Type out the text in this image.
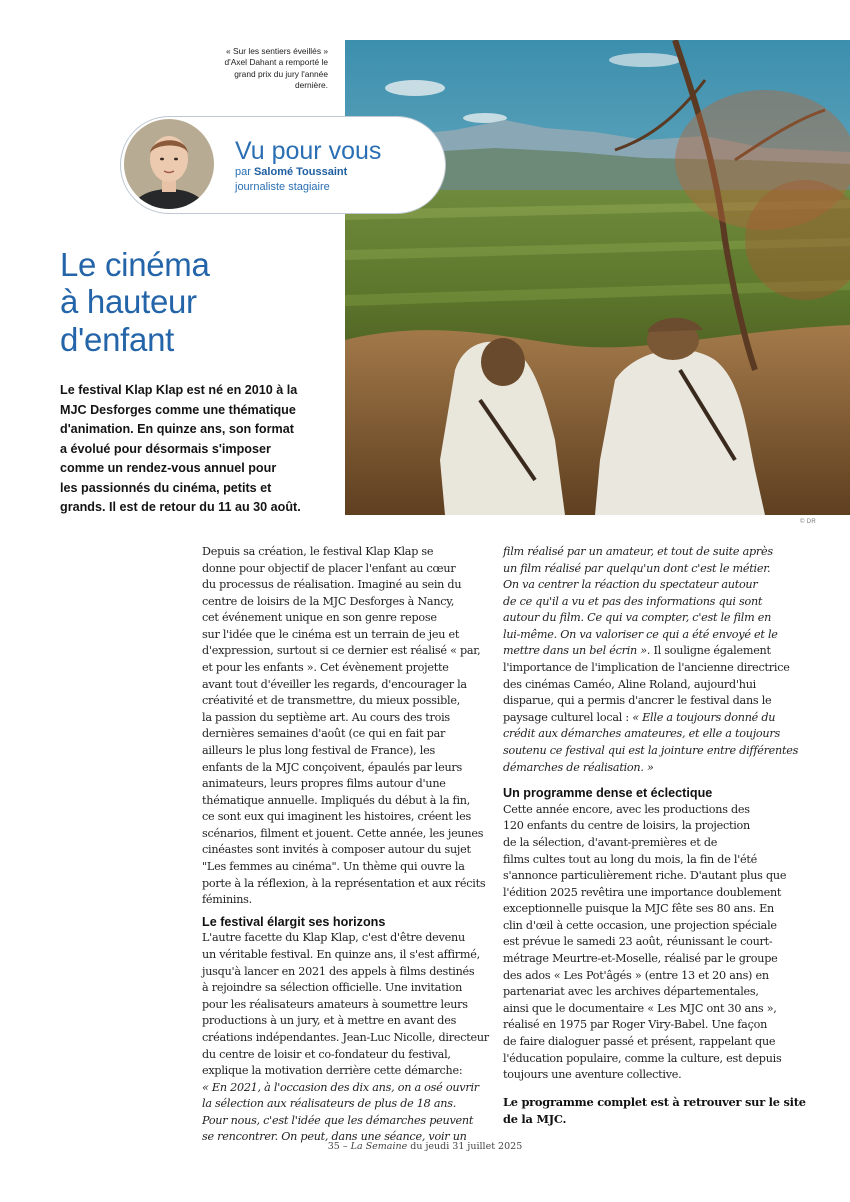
© DR
« Sur les sentiers éveillés »
d'Axel Dahant a remporté le
grand prix du jury l'année
dernière.
Vu pour vous
par Salomé Toussaint
journaliste stagiaire
Le cinéma
à hauteur
d'enfant
Le festival Klap Klap est né en 2010 à la
MJC Desforges comme une thématique
d'animation. En quinze ans, son format
a évolué pour désormais s'imposer
comme un rendez-vous annuel pour
les passionnés du cinéma, petits et
grands. Il est de retour du 11 au 30 août.
Depuis sa création, le festival Klap Klap se
donne pour objectif de placer l'enfant au cœur
du processus de réalisation. Imaginé au sein du
centre de loisirs de la MJC Desforges à Nancy,
cet événement unique en son genre repose
sur l'idée que le cinéma est un terrain de jeu et
d'expression, surtout si ce dernier est réalisé « par,
et pour les enfants ». Cet évènement projette
avant tout d'éveiller les regards, d'encourager la
créativité et de transmettre, du mieux possible,
la passion du septième art. Au cours des trois
dernières semaines d'août (ce qui en fait par
ailleurs le plus long festival de France), les
enfants de la MJC conçoivent, épaulés par leurs
animateurs, leurs propres films autour d'une
thématique annuelle. Impliqués du début à la fin,
ce sont eux qui imaginent les histoires, créent les
scénarios, filment et jouent. Cette année, les jeunes
cinéastes sont invités à composer autour du sujet
"Les femmes au cinéma". Un thème qui ouvre la
porte à la réflexion, à la représentation et aux récits
féminins.
Le festival élargit ses horizons
L'autre facette du Klap Klap, c'est d'être devenu
un véritable festival. En quinze ans, il s'est affirmé,
jusqu'à lancer en 2021 des appels à films destinés
à rejoindre sa sélection officielle. Une invitation
pour les réalisateurs amateurs à soumettre leurs
productions à un jury, et à mettre en avant des
créations indépendantes. Jean-Luc Nicolle, directeur
du centre de loisir et co-fondateur du festival,
explique la motivation derrière cette démarche:
« En 2021, à l'occasion des dix ans, on a osé ouvrir
la sélection aux réalisateurs de plus de 18 ans.
Pour nous, c'est l'idée que les démarches peuvent
se rencontrer. On peut, dans une séance, voir un
film réalisé par un amateur, et tout de suite après
un film réalisé par quelqu'un dont c'est le métier.
On va centrer la réaction du spectateur autour
de ce qu'il a vu et pas des informations qui sont
autour du film. Ce qui va compter, c'est le film en
lui-même. On va valoriser ce qui a été envoyé et le
mettre dans un bel écrin ». Il souligne également
l'importance de l'implication de l'ancienne directrice
des cinémas Caméo, Aline Roland, aujourd'hui
disparue, qui a permis d'ancrer le festival dans le
paysage culturel local : « Elle a toujours donné du
crédit aux démarches amateures, et elle a toujours
soutenu ce festival qui est la jointure entre différentes
démarches de réalisation. »
Un programme dense et éclectique
Cette année encore, avec les productions des
120 enfants du centre de loisirs, la projection
de la sélection, d'avant-premières et de
films cultes tout au long du mois, la fin de l'été
s'annonce particulièrement riche. D'autant plus que
l'édition 2025 revêtira une importance doublement
exceptionnelle puisque la MJC fête ses 80 ans. En
clin d'œil à cette occasion, une projection spéciale
est prévue le samedi 23 août, réunissant le court-
métrage Meurtre-et-Moselle, réalisé par le groupe
des ados « Les Pot'âgés » (entre 13 et 20 ans) en
partenariat avec les archives départementales,
ainsi que le documentaire « Les MJC ont 30 ans »,
réalisé en 1975 par Roger Viry-Babel. Une façon
de faire dialoguer passé et présent, rappelant que
l'éducation populaire, comme la culture, est depuis
toujours une aventure collective.
Le programme complet est à retrouver sur le site
de la MJC.
35 – La Semaine du jeudi 31 juillet 2025
